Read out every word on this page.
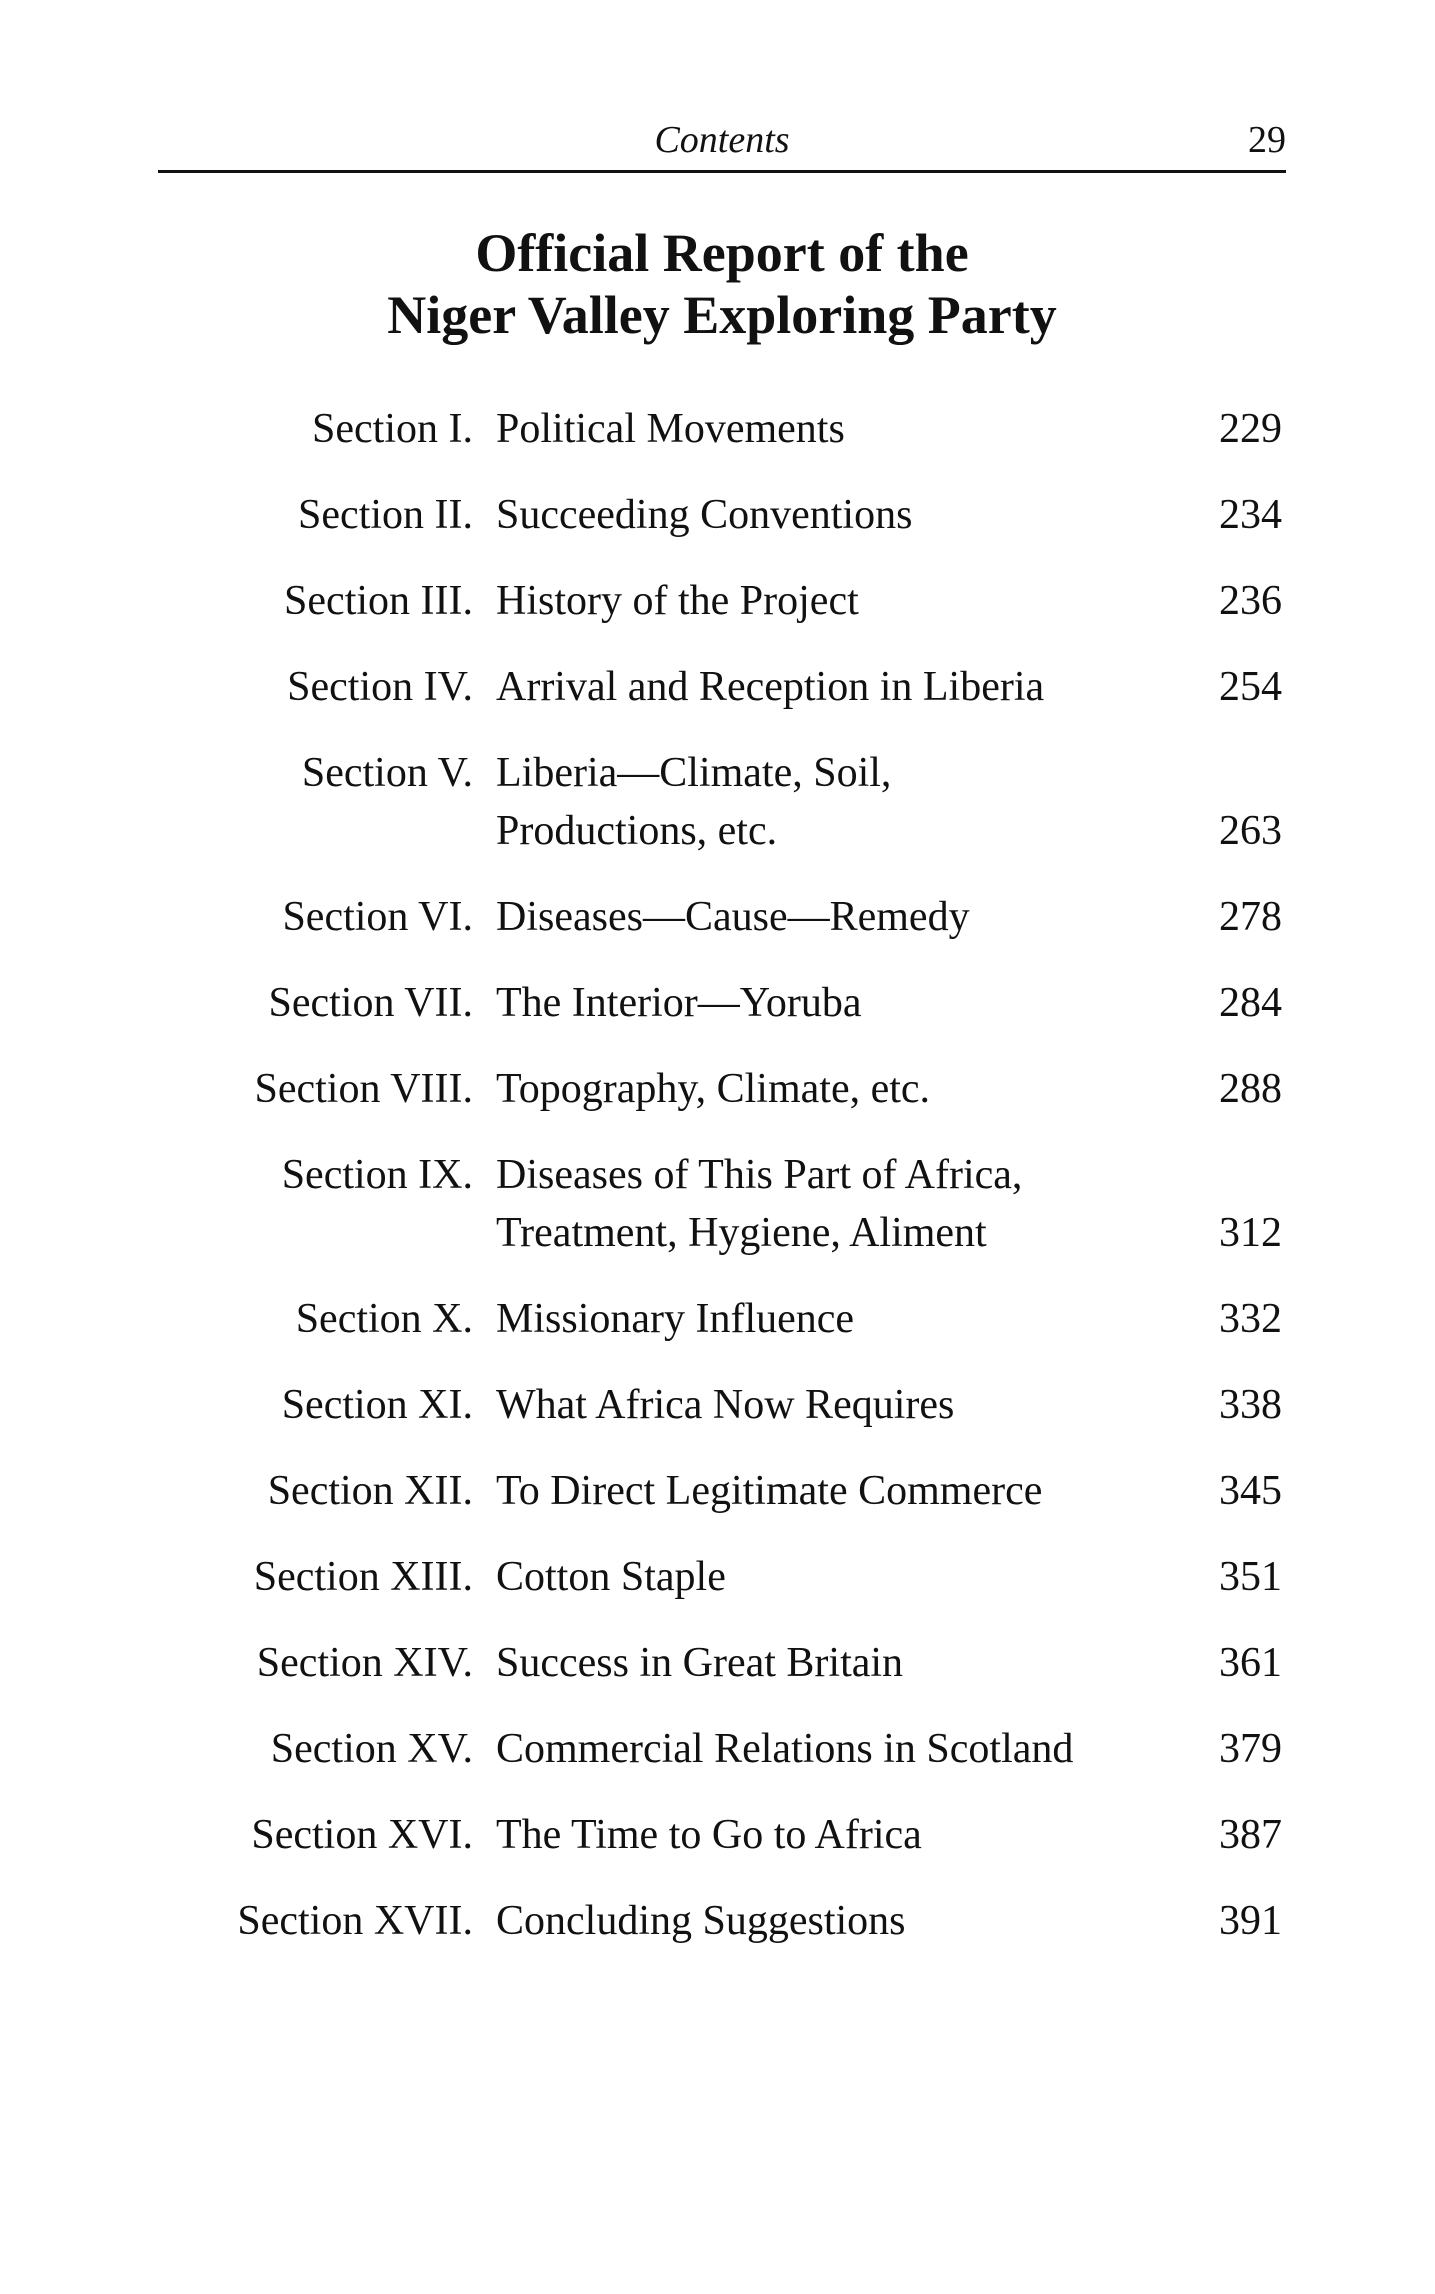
Contents	29
Official Report of the
Niger Valley Exploring Party
Section I. Political Movements	229
Section II. Succeeding Conventions	234
Section III. History of the Project	236
Section IV. Arrival and Reception in Liberia	254
Section V. Liberia—Climate, Soil,
Productions, etc.	263
Section VI. Diseases—Cause—Remedy	278
Section VII. The Interior—Yoruba	284
Section VIII. Topography, Climate, etc.	288
Section IX. Diseases of This Part of Africa,
Treatment, Hygiene, Aliment	312
Section X. Missionary Influence	332
Section XI. What Africa Now Requires	338
Section XII. To Direct Legitimate Commerce	345
Section XIII. Cotton Staple	351
Section XIV. Success in Great Britain	361
Section XV. Commercial Relations in Scotland	379
Section XVI. The Time to Go to Africa	387
Section XVII. Concluding Suggestions	391
